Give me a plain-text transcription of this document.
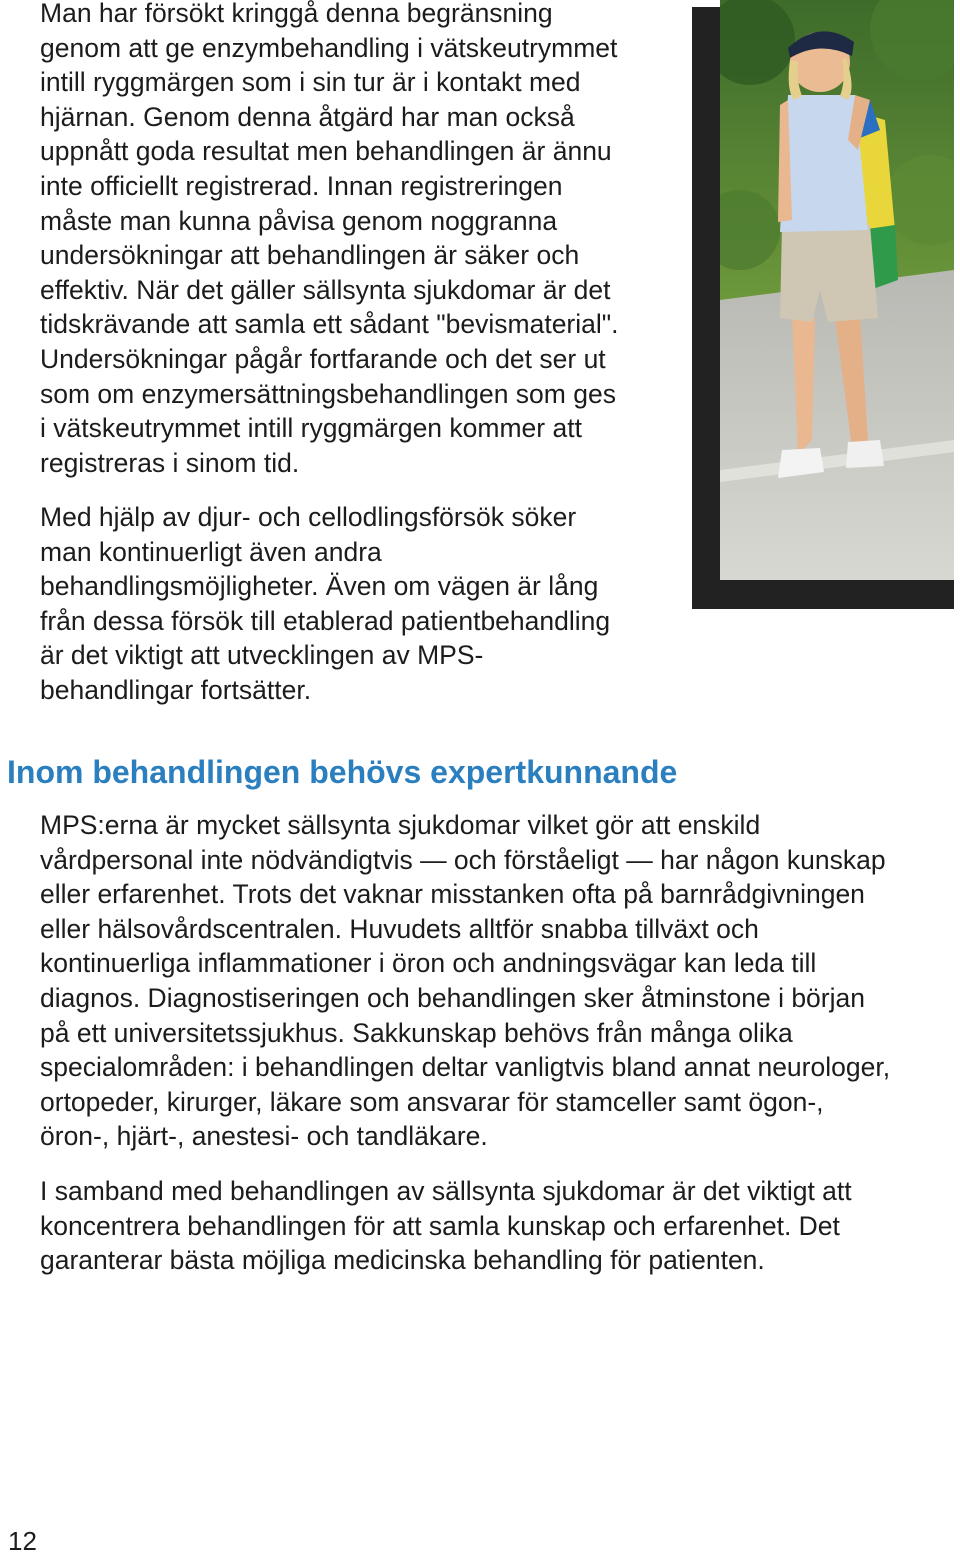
Man har försökt kringgå denna begränsning
genom att ge enzymbehandling i vätskeutrymmet
intill ryggmärgen som i sin tur är i kontakt med
hjärnan. Genom denna åtgärd har man också
uppnått goda resultat men behandlingen är ännu
inte officiellt registrerad. Innan registreringen
måste man kunna påvisa genom noggranna
undersökningar att behandlingen är säker och
effektiv. När det gäller sällsynta sjukdomar är det
tidskrävande att samla ett sådant "bevismaterial".
Undersökningar pågår fortfarande och det ser ut
som om enzymersättningsbehandlingen som ges
i vätskeutrymmet intill ryggmärgen kommer att
registreras i sinom tid.
Med hjälp av djur- och cellodlingsförsök söker
man kontinuerligt även andra
behandlingsmöjligheter. Även om vägen är lång
från dessa försök till etablerad patientbehandling
är det viktigt att utvecklingen av MPS-
behandlingar fortsätter.
Inom behandlingen behövs expertkunnande
MPS:erna är mycket sällsynta sjukdomar vilket gör att enskild
vårdpersonal inte nödvändigtvis — och förståeligt — har någon kunskap
eller erfarenhet. Trots det vaknar misstanken ofta på barnrådgivningen
eller hälsovårdscentralen. Huvudets alltför snabba tillväxt och
kontinuerliga inflammationer i öron och andningsvägar kan leda till
diagnos. Diagnostiseringen och behandlingen sker åtminstone i början
på ett universitetssjukhus. Sakkunskap behövs från många olika
specialområden: i behandlingen deltar vanligtvis bland annat neurologer,
ortopeder, kirurger, läkare som ansvarar för stamceller samt ögon-,
öron-, hjärt-, anestesi- och tandläkare.
I samband med behandlingen av sällsynta sjukdomar är det viktigt att
koncentrera behandlingen för att samla kunskap och erfarenhet. Det
garanterar bästa möjliga medicinska behandling för patienten.
12
